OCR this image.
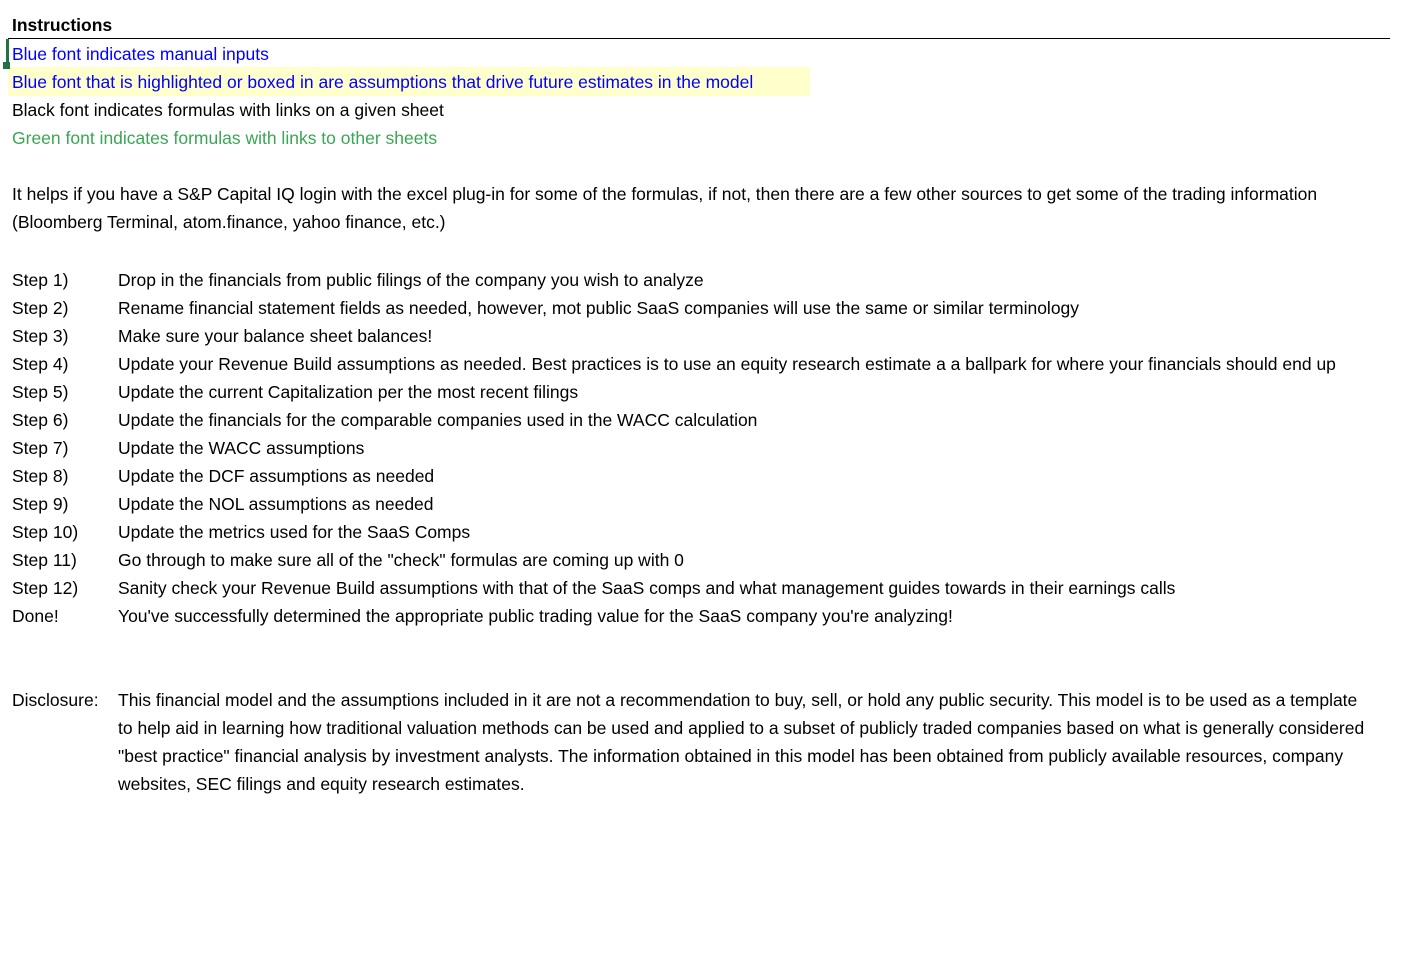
Instructions
Blue font indicates manual inputs
Blue font that is highlighted or boxed in are assumptions that drive future estimates in the model
Black font indicates formulas with links on a given sheet
Green font indicates formulas with links to other sheets
It helps if you have a S&P Capital IQ login with the excel plug-in for some of the formulas, if not, then there are a few other sources to get some of the trading information
(Bloomberg Terminal, atom.finance, yahoo finance, etc.)
Step 1)	Drop in the financials from public filings of the company you wish to analyze
Step 2)	Rename financial statement fields as needed, however, mot public SaaS companies will use the same or similar terminology
Step 3)	Make sure your balance sheet balances!
Step 4)	Update your Revenue Build assumptions as needed. Best practices is to use an equity research estimate a a ballpark for where your financials should end up
Step 5)	Update the current Capitalization per the most recent filings
Step 6)	Update the financials for the comparable companies used in the WACC calculation
Step 7)	Update the WACC assumptions
Step 8)	Update the DCF assumptions as needed
Step 9)	Update the NOL assumptions as needed
Step 10) Update the metrics used for the SaaS Comps
Step 11) Go through to make sure all of the "check" formulas are coming up with 0
Step 12) Sanity check your Revenue Build assumptions with that of the SaaS comps and what management guides towards in their earnings calls
Done!	You've successfully determined the appropriate public trading value for the SaaS company you're analyzing!
Disclosure: This financial model and the assumptions included in it are not a recommendation to buy, sell, or hold any public security. This model is to be used as a template
to help aid in learning how traditional valuation methods can be used and applied to a subset of publicly traded companies based on what is generally considered
"best practice" financial analysis by investment analysts. The information obtained in this model has been obtained from publicly available resources, company
websites, SEC filings and equity research estimates.
